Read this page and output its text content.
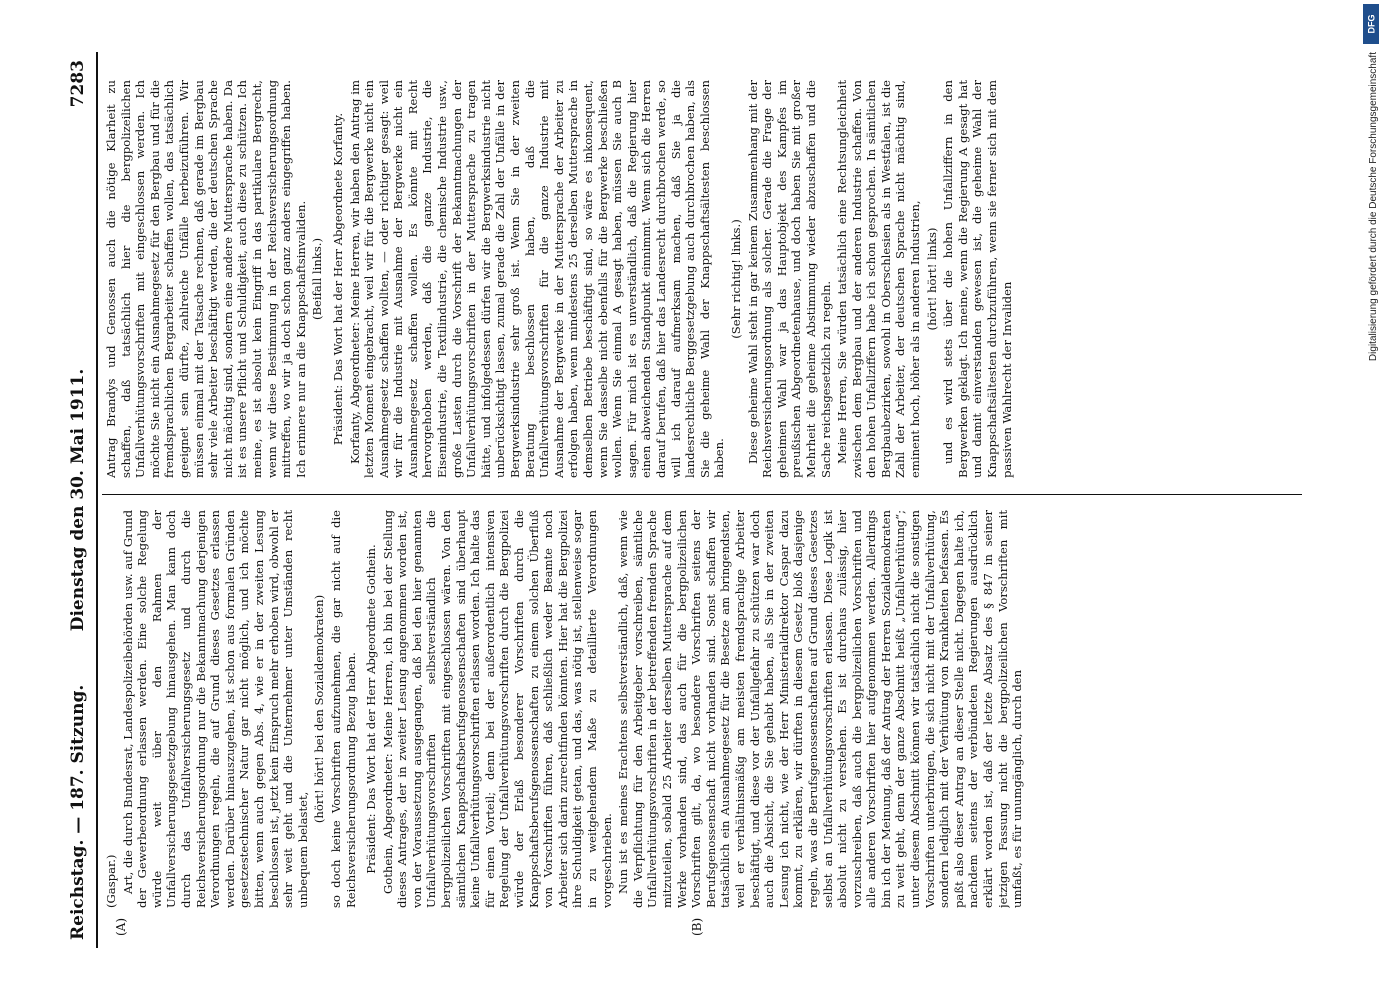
Reichstag. — 187. Sitzung.
Dienstag den 30. Mai 1911.
7283
(A)	(B)

(Gaspar.) Art, die durch Bundesrat, Landespolizeibehörden usw. auf Grund der Gewerbeordnung erlassen werden. Eine solche Regelung würde weit über den Rahmen der Unfallversicherungsgesetzgebung hinausgehen. Man kann doch durch das Unfallversicherungsgesetz und durch die Reichsversicherungsordnung nur die Bekanntmachung derjenigen Verordnungen regeln, die auf Grund dieses Gesetzes erlassen werden. Darüber hinauszugehen, ist schon aus formalen Gründen gesetzestechnischer Natur gar nicht möglich, und ich möchte bitten, wenn auch gegen Abs. 4, wie er in der zweiten Lesung beschlossen ist, jetzt kein Einspruch mehr erhoben wird, obwohl er sehr weit geht und die Unternehmer unter Umständen recht unbequem belastet,

(hört! hört! bei den Sozialdemokraten) so doch keine Vorschriften aufzunehmen, die gar nicht auf die Reichsversicherungsordnung Bezug haben. Präsident: Das Wort hat der Herr Abgeordnete Gothein. Gothein, Abgeordneter: Meine Herren, ich bin bei der Stellung dieses Antrages, der in zweiter Lesung angenommen worden ist, von der Voraussetzung ausgegangen, daß bei den hier genannten Unfallverhütungsvorschriften selbstverständlich die bergpolizeilichen Vorschriften mit eingeschlossen wären. Von den sämtlichen Knappschaftsberufsgenossenschaften sind überhaupt keine Unfallverhütungsvorschriften erlassen worden. Ich halte das für einen Vorteil; denn bei der außerordentlich intensiven Regelung der Unfallverhütungsvorschriften durch die Bergpolizei würde der Erlaß besonderer Vorschriften durch die Knappschaftsberufsgenossenschaften zu einem solchen Überfluß von Vorschriften führen, daß schließlich weder Beamte noch Arbeiter sich darin zurechtfinden könnten. Hier hat die Bergpolizei ihre Schuldigkeit getan, und das, was nötig ist, stellenweise sogar in zu weitgehendem Maße zu detaillierte Verordnungen vorgeschrieben. Nun ist es meines Erachtens selbstverständlich, daß, wenn wie die Verpflichtung für den Arbeitgeber vorschreiben, sämtliche Unfallverhütungsvorschriften in der betreffenden fremden Sprache mitzuteilen, sobald 25 Arbeiter derselben Muttersprache auf dem Werke vorhanden sind, das auch für die bergpolizeilichen Vorschriften gilt, da, wo besondere Vorschriften seitens der Berufsgenossenschaft nicht vorhanden sind. Sonst schaffen wir tatsächlich ein Ausnahmegesetz für die Besetze am bringendsten, weil er verhältnismäßig am meisten fremdsprachige Arbeiter beschäftigt, und diese vor der Unfallgefahr zu schützen war doch auch die Absicht, die Sie gehabt haben, als Sie in der zweiten Lesung ich nicht, wie der Herr Ministerialdirektor Caspar dazu kommt, zu erklären, wir dürften in diesem Gesetz bloß dasjenige regeln, was die Berufsgenossenschaften auf Grund dieses Gesetzes selbst an Unfallverhütungsvorschriften erlassen. Diese Logik ist absolut nicht zu verstehen. Es ist durchaus zulässig, hier vorzuschreiben, daß auch die bergpolizeilichen Vorschriften und alle anderen Vorschriften hier aufgenommen werden. Allerdings bin ich der Meinung, daß der Antrag der Herren Sozialdemokraten zu weit geht, denn der ganze Abschnitt heißt „Unfallverhütung“; unter diesem Abschnitt können wir tatsächlich nicht die sonstigen Vorschriften unterbringen, die sich nicht mit der Unfallverhütung, sondern lediglich mit der Verhütung von Krankheiten befassen. Es paßt also dieser Antrag an dieser Stelle nicht. Dagegen halte ich, nachdem seitens der verbündeten Regierungen ausdrücklich erklärt worden ist, daß der letzte Absatz des § 847 in seiner jetzigen Fassung nicht die bergpolizeilichen Vorschriften mit umfaßt, es für unumgänglich, durch den

Antrag Brandys und Genossen auch die nötige Klarheit zu schaffen, daß tatsächlich hier die bergpolizeilichen Unfallverhütungsvorschriften mit eingeschlossen werden. Ich möchte Sie nicht ein Ausnahmegesetz für den Bergbau und für die fremdsprachlichen Bergarbeiter schaffen wollen, das tatsächlich geeignet sein dürfte, zahlreiche Unfälle herbeizuführen. Wir müssen einmal mit der Tatsache rechnen, daß gerade im Bergbau sehr viele Arbeiter beschäftigt werden, die der deutschen Sprache nicht mächtig sind, sondern eine andere Muttersprache haben. Da ist es unsere Pflicht und Schuldigkeit, auch diese zu schützen. Ich meine, es ist absolut kein Eingriff in das partikulare Bergrecht, wenn wir diese Bestimmung in der Reichsversicherungsordnung mittreffen, wo wir ja doch schon ganz anders eingegriffen haben. Ich erinnere nur an die Knappschaftsinvaliden. (Beifall links.) Präsident: Das Wort hat der Herr Abgeordnete Korfanty. Korfanty, Abgeordneter: Meine Herren, wir haben den Antrag im letzten Moment eingebracht, weil wir für die Bergwerke nicht ein Ausnahmegesetz schaffen wollten, — oder richtiger gesagt: weil wir für die Industrie mit Ausnahme der Bergwerke nicht ein Ausnahmegesetz schaffen wollen. Es könnte mit Recht hervorgehoben werden, daß die ganze Industrie, die Eisenindustrie, die Textilindustrie, die chemische Industrie usw., große Lasten durch die Vorschrift der Bekanntmachungen der Unfallverhütungsvorschriften in der Muttersprache zu tragen hätte, und infolgedessen dürfen wir die Bergwerksindustrie nicht unberücksichtigt lassen, zumal gerade die Zahl der Unfälle in der Bergwerksindustrie sehr groß ist. Wenn Sie in der zweiten Beratung beschlossen haben, daß die Unfallverhütungsvorschriften für die ganze Industrie mit Ausnahme der Bergwerke in der Muttersprache der Arbeiter zu erfolgen haben, wenn mindestens 25 derselben Muttersprache in demselben Betriebe beschäftigt sind, so wäre es inkonsequent, wenn Sie dasselbe nicht ebenfalls für die Bergwerke beschließen wollen. Wenn Sie einmal A gesagt haben, müssen Sie auch B sagen. Für mich ist es unverständlich, daß die Regierung hier einen abweichenden Standpunkt einnimmt. Wenn sich die Herren darauf berufen, daß hier das Landesrecht durchbrochen werde, so will ich darauf aufmerksam machen, daß Sie ja die landesrechtliche Berggesetzgebung auch durchbrochen haben, als Sie die geheime Wahl der Knappschaftsältesten beschlossen haben.

(Sehr richtig! links.) Diese geheime Wahl steht in gar keinem Zusammenhang mit der Reichsversicherungsordnung als solcher. Gerade die Frage der geheimen Wahl war ja das Hauptobjekt des Kampfes im preußischen Abgeordnetenhause, und doch haben Sie mit großer Mehrheit die geheime Abstimmung wieder abzuschaffen und die Sache reichsgesetzlich zu regeln. Meine Herren, Sie würden tatsächlich eine Rechtsungleichheit zwischen dem Bergbau und der anderen Industrie schaffen. Von den hohen Unfallziffern habe ich schon gesprochen. In sämtlichen Bergbaubezirken, sowohl in Oberschlesien als in Westfalen, ist die Zahl der Arbeiter, der deutschen Sprache nicht mächtig sind, eminent hoch, höher als in anderen Industrien, (hört! hört! links) und es wird stets über die hohen Unfallziffern in den Bergwerken geklagt. Ich meine, wenn die Regierung A gesagt hat und damit einverstanden gewesen ist, die geheime Wahl der Knappschaftsältesten durchzuführen, wenn sie ferner sich mit dem passiven Wahlrecht der Invaliden

DFG
Digitalisierung gefördert durch die Deutsche Forschungsgemeinschaft
